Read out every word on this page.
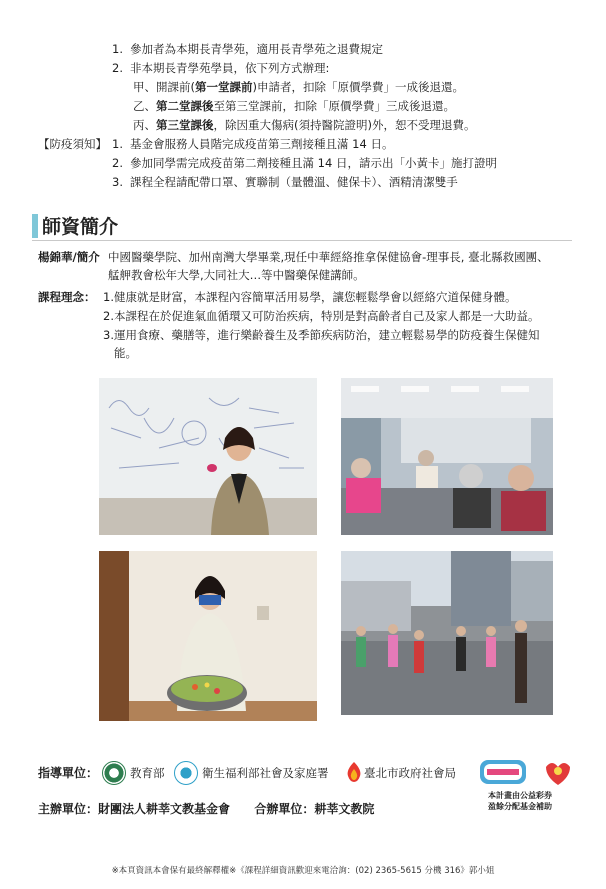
1. 參加者為本期長青學苑，適用長青學苑之退費規定
2. 非本期長青學苑學員，依下列方式辦理:
甲、開課前(第一堂課前)申請者，扣除「原價學費」一成後退還。
乙、第二堂課後至第三堂課前，扣除「原價學費」三成後退還。
丙、第三堂課後，除因重大傷病(須持醫院證明)外，恕不受理退費。
【防疫須知】 1. 基金會服務人員階完成疫苗第三劑接種且滿 14 日。
2. 參加同學需完成疫苗第二劑接種且滿 14 日，請示出「小黃卡」施打證明
3. 課程全程請配帶口罩、實聯制（量體溫、健保卡）、酒精清潔雙手
師資簡介
楊錦華/簡介 中國醫藥學院、加州南灣大學畢業,現任中華經絡推拿保健協會-理事長, 臺北縣救國團、
艋舺教會松年大學,大同社大…等中醫藥保健講師。
課程理念： 1.健康就是財富，本課程內容簡單活用易學，讓您輕鬆學會以經絡穴道保健身體。
2.本課程在於促進氣血循環又可防治疾病，特別是對高齡者自己及家人都是一大助益。
3.運用食療、藥膳等，進行樂齡養生及季節疾病防治，建立輕鬆易學的防疫養生保健知
能。
指導單位：	教育部	衛生福利部社會及家庭署	臺北市政府社會局
本計畫由公益彩券
盈餘分配基金補助
主辦單位：財團法人耕莘文教基金會 合辦單位：耕莘文教院
※本頁資訊本會保有最終解釋權※《課程詳細資訊歡迎來電洽詢：(02) 2365-5615 分機 316》郭小姐
